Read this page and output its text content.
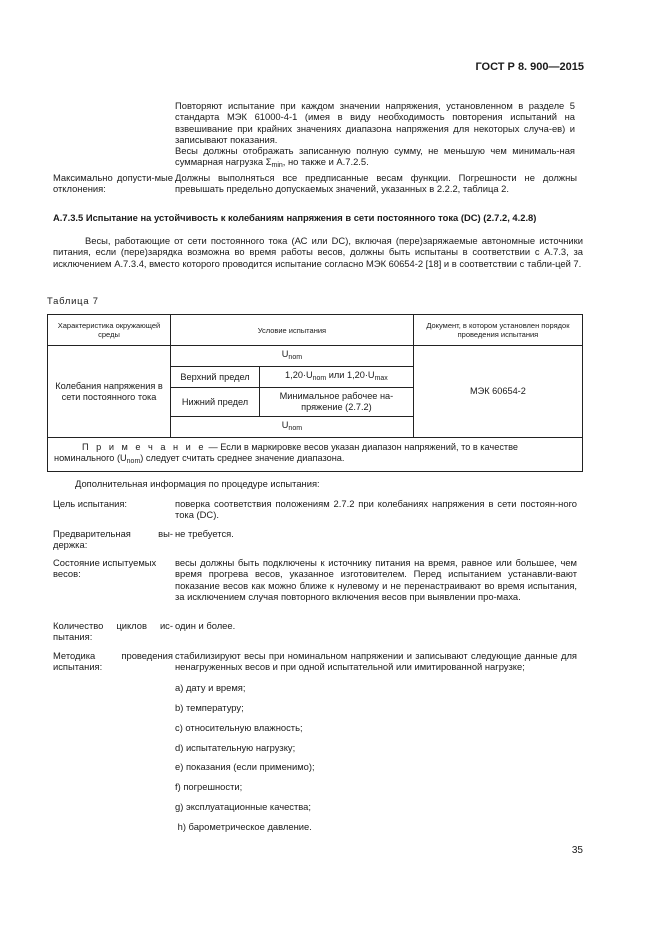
ГОСТ Р 8. 900—2015
Повторяют испытание при каждом значении напряжения, установленном в разделе 5 стандарта МЭК 61000-4-1 (имея в виду необходимость повторения испытаний на взвешивание при крайних значениях диапазона напряжения для некоторых случа-ев) и записывают показания.
Весы должны отображать записанную полную сумму, не меньшую чем минималь-ная суммарная нагрузка $\Sigma_{min}$, но также и А.7.2.5.
Максимально допусти-мые отклонения:
Должны выполняться все предписанные весам функции. Погрешности не должны превышать предельно допускаемых значений, указанных в 2.2.2, таблица 2.
А.7.3.5 Испытание на устойчивость к колебаниям напряжения в сети постоянного тока (DC) (2.7.2, 4.2.8)
Весы, работающие от сети постоянного тока (АС или DC), включая (пере)заряжаемые автономные источники питания, если (пере)зарядка возможна во время работы весов, должны быть испытаны в соответствии с А.7.3, за исключением А.7.3.4, вместо которого проводится испытание согласно МЭК 60654-2 [18] и в соответствии с табли-цей 7.
Таблица 7
Характеристика окружающей среды	Условие испытания		Документ, в котором установлен порядок проведения испытания
Колебания напряжения в сети постоянного тока	$U_{nom}$		МЭК 60654-2
	Верхний предел	$1,20\cdot U_{nom}$ или $1,20\cdot U_{max}$
	Нижний предел	Минимальное рабочее на-пряжение (2.7.2)	
	$U_{nom}$
П р и м е ч а н и е — Если в маркировке весов указан диапазон напряжений, то в качестве номинального $(U_{nom})$ следует считать среднее значение диапазона.			
Дополнительная информация по процедуре испытания:
Цель испытания:	поверка соответствия положениям 2.7.2 при колебаниях напряжения в сети постоян-ного тока (DC).
Предварительная вы-держка:
не требуется.
Состояние испытуемых весов:
весы должны быть подключены к источнику питания на время, равное или большее, чем время прогрева весов, указанное изготовителем. Перед испытанием устанавли-вают показание весов как можно ближе к нулевому и не перенастраивают во время испытания, за исключением случая повторного включения весов при выявлении про-маха.
Количество циклов ис-пытания:
один и более.
Методика проведения испытания:
стабилизируют весы при номинальном напряжении и записывают следующие данные для ненагруженных весов и при одной испытательной или имитированной нагрузке;
a) дату и время;
b) температуру;
c) относительную влажность;
d) испытательную нагрузку;
e) показания (если применимо);
f) погрешности;
g) эксплуатационные качества;
h) барометрическое давление.
35
